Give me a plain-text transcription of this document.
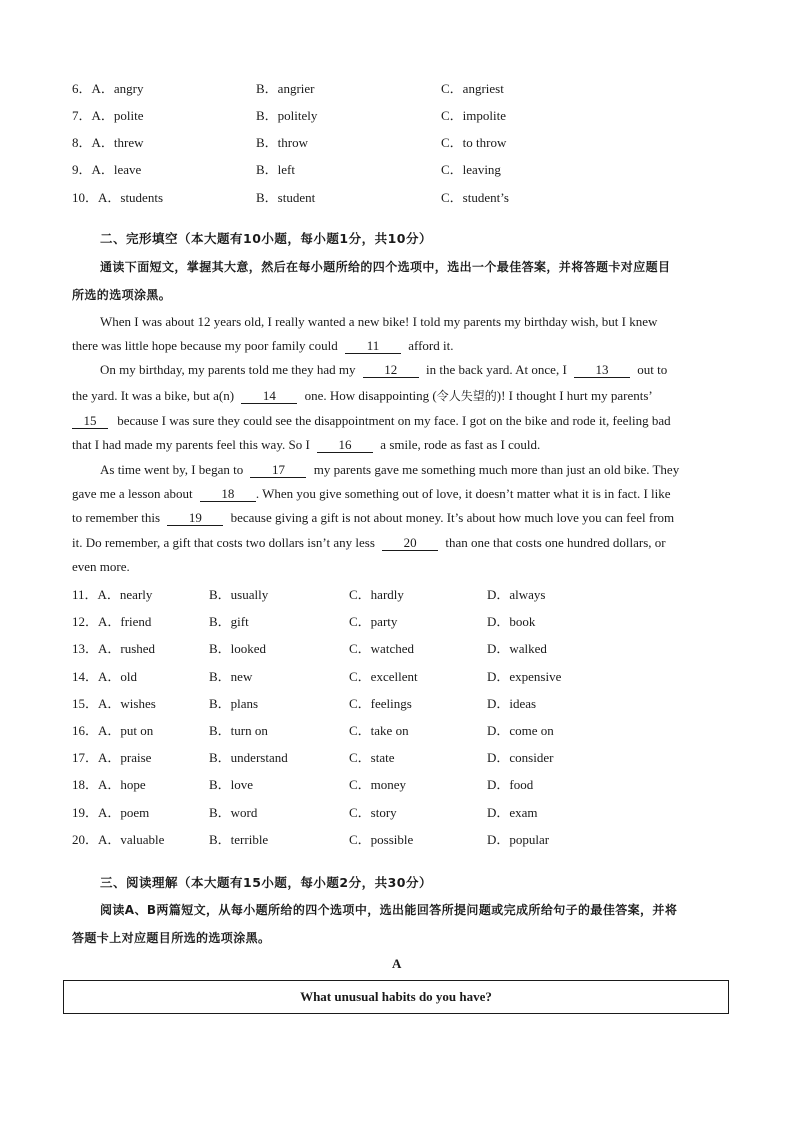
6．A．angry	B．angrier	C．angriest
7．A．polite	B．politely	C．impolite
8．A．threw	B．throw	C．to throw
9．A．leave	B．left	C．leaving
10．A．students	B．student	C．student’s
二、完形填空（本大题有10小题，每小题1分，共10分）
通读下面短文，掌握其大意，然后在每小题所给的四个选项中，选出一个最佳答案，并将答题卡对应题目
所选的选项涂黑。
When I was about 12 years old, I really wanted a new bike! I told my parents my birthday wish, but I knew
there was little hope because my poor family could 11 afford it.
On my birthday, my parents told me they had my 12 in the back yard. At once, I 13 out to
the yard. It was a bike, but a(n) 14 one. How disappointing (令人失望的)! I thought I hurt my parents’
15 because I was sure they could see the disappointment on my face. I got on the bike and rode it, feeling bad
that I had made my parents feel this way. So I 16 a smile, rode as fast as I could.
As time went by, I began to 17 my parents gave me something much more than just an old bike. They
gave me a lesson about 18 . When you give something out of love, it doesn’t matter what it is in fact. I like
to remember this 19 because giving a gift is not about money. It’s about how much love you can feel from
it. Do remember, a gift that costs two dollars isn’t any less 20 than one that costs one hundred dollars, or
even more.
11．A．nearly	B．usually	C．hardly	D．always
12．A．friend	B．gift	C．party	D．book
13．A．rushed	B．looked	C．watched	D．walked
14．A．old	B．new	C．excellent	D．expensive
15．A．wishes	B．plans	C．feelings	D．ideas
16．A．put on	B．turn on	C．take on	D．come on
17．A．praise	B．understand	C．state	D．consider
18．A．hope	B．love	C．money	D．food
19．A．poem	B．word	C．story	D．exam
20．A．valuable	B．terrible	C．possible	D．popular
三、阅读理解（本大题有15小题，每小题2分，共30分）
阅读A、B两篇短文，从每小题所给的四个选项中，选出能回答所提问题或完成所给句子的最佳答案，并将
答题卡上对应题目所选的选项涂黑。
A
What unusual habits do you have?
